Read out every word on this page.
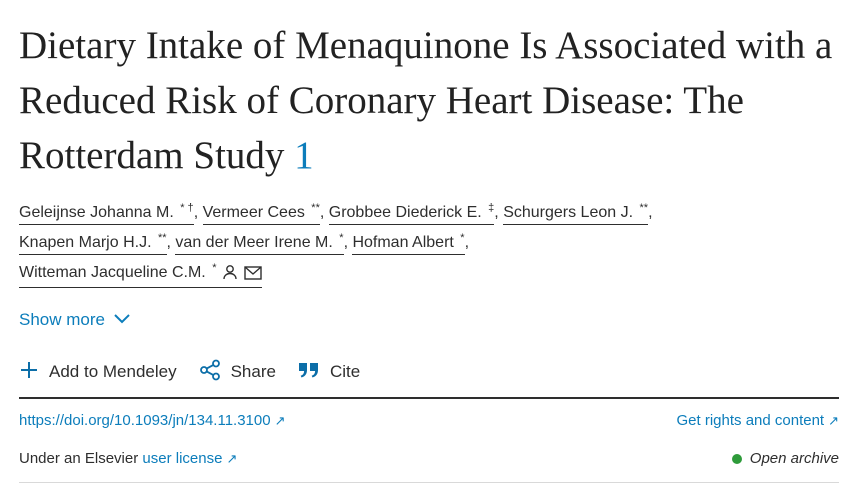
Dietary Intake of Menaquinone Is Associated with a Reduced Risk of Coronary Heart Disease: The Rotterdam Study 1
Geleijnse Johanna M. * †, Vermeer Cees **, Grobbee Diederick E. ‡, Schurgers Leon J. **,
Knapen Marjo H.J. **, van der Meer Irene M. *, Hofman Albert *,
Witteman Jacqueline C.M. *
Show more
Add to Mendeley	Share	Cite
https://doi.org/10.1093/jn/134.11.3100 ↗	Get rights and content ↗
Under an Elsevier user license ↗	Open archive
